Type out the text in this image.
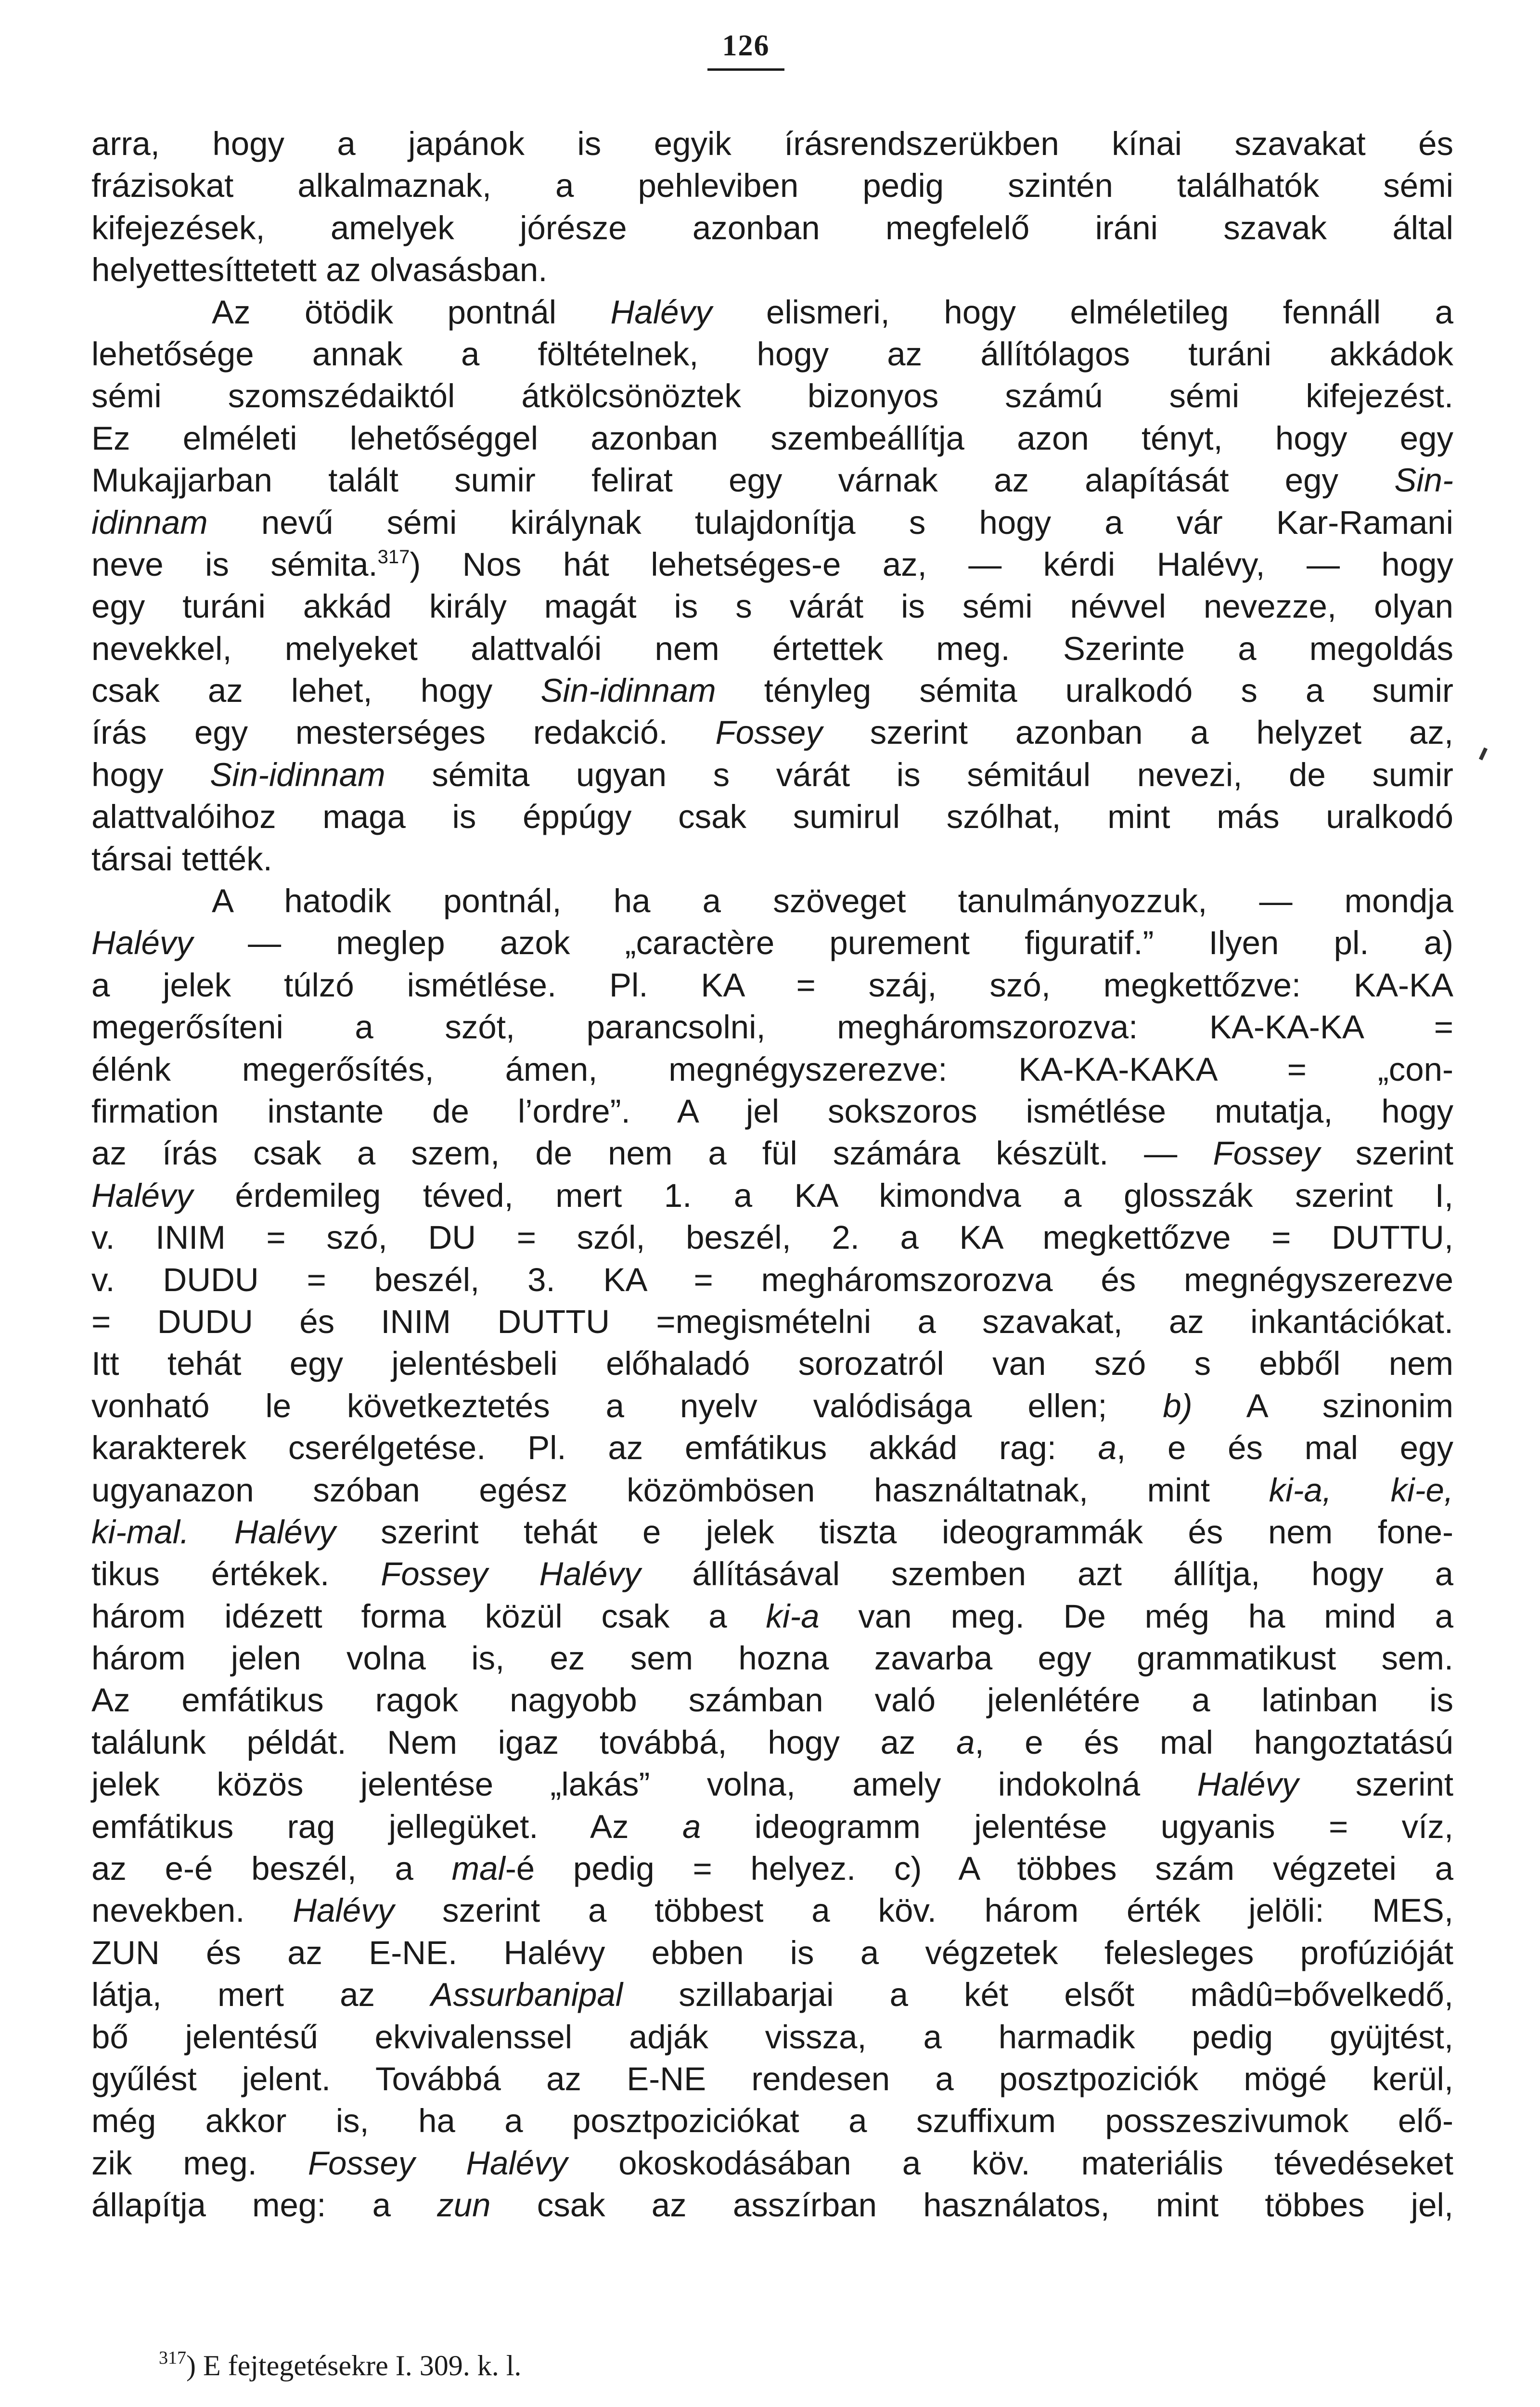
126
arra, hogy a japánok is egyik írásrendszerükben kínai szavakat és
frázisokat alkalmaznak, a pehleviben pedig szintén találhatók sémi
kifejezések, amelyek jórésze azonban megfelelő iráni szavak által
helyettesíttetett az olvasásban.
Az ötödik pontnál Halévy elismeri, hogy elméletileg fennáll a
lehetősége annak a föltételnek, hogy az állítólagos turáni akkádok
sémi szomszédaiktól átkölcsönöztek bizonyos számú sémi kifejezést.
Ez elméleti lehetőséggel azonban szembeállítja azon tényt, hogy egy
Mukajjarban talált sumir felirat egy várnak az alapítását egy Sin-
idinnam nevű sémi királynak tulajdonítja s hogy a vár Kar-Ramani
neve is sémita.$^{317}$) Nos hát lehetséges-e az, — kérdi Halévy, — hogy
egy turáni akkád király magát is s várát is sémi névvel nevezze, olyan
nevekkel, melyeket alattvalói nem értettek meg. Szerinte a megoldás
csak az lehet, hogy Sin-idinnam tényleg sémita uralkodó s a sumir
írás egy mesterséges redakció. Fossey szerint azonban a helyzet az,
hogy Sin-idinnam sémita ugyan s várát is sémitául nevezi, de sumir
alattvalóihoz maga is éppúgy csak sumirul szólhat, mint más uralkodó
társai tették.
A hatodik pontnál, ha a szöveget tanulmányozzuk, — mondja
Halévy — meglep azok „caractère purement figuratif.” Ilyen pl. a)
a jelek túlzó ismétlése. Pl. KA = száj, szó, megkettőzve: KA-KA
megerősíteni a szót, parancsolni, megháromszorozva: KA-KA-KA =
élénk megerősítés, ámen, megnégyszerezve: KA-KA-KAKA = „con-
firmation instante de l’ordre”. A jel sokszoros ismétlése mutatja, hogy
az írás csak a szem, de nem a fül számára készült. — Fossey szerint
Halévy érdemileg téved, mert 1. a KA kimondva a glosszák szerint I,
v. INIM = szó, DU = szól, beszél, 2. a KA megkettőzve = DUTTU,
v. DUDU = beszél, 3. KA = megháromszorozva és megnégyszerezve
= DUDU és INIM DUTTU =megismételni a szavakat, az inkantációkat.
Itt tehát egy jelentésbeli előhaladó sorozatról van szó s ebből nem
vonható le következtetés a nyelv valódisága ellen; b) A szinonim
karakterek cserélgetése. Pl. az emfátikus akkád rag: a, e és mal egy
ugyanazon szóban egész közömbösen használtatnak, mint ki-a, ki-e,
ki-mal. Halévy szerint tehát e jelek tiszta ideogrammák és nem fone-
tikus értékek. Fossey Halévy állításával szemben azt állítja, hogy a
három idézett forma közül csak a ki-a van meg. De még ha mind a
három jelen volna is, ez sem hozna zavarba egy grammatikust sem.
Az emfátikus ragok nagyobb számban való jelenlétére a latinban is
találunk példát. Nem igaz továbbá, hogy az a, e és mal hangoztatású
jelek közös jelentése „lakás” volna, amely indokolná Halévy szerint
emfátikus rag jellegüket. Az a ideogramm jelentése ugyanis = víz,
az e-é beszél, a mal-é pedig = helyez. c) A többes szám végzetei a
nevekben. Halévy szerint a többest a köv. három érték jelöli: MES,
ZUN és az E-NE. Halévy ebben is a végzetek felesleges profúzióját
látja, mert az Assurbanipal szillabarjai a két elsőt mâdû=bővelkedő,
bő jelentésű ekvivalenssel adják vissza, a harmadik pedig gyüjtést,
gyűlést jelent. Továbbá az E-NE rendesen a posztpoziciók mögé kerül,
még akkor is, ha a posztpoziciókat a szuffixum posszeszivumok elő-
zik meg. Fossey Halévy okoskodásában a köv. materiális tévedéseket
állapítja meg: a zun csak az asszírban használatos, mint többes jel,
$^{317}$) E fejtegetésekre I. 309. k. l.
